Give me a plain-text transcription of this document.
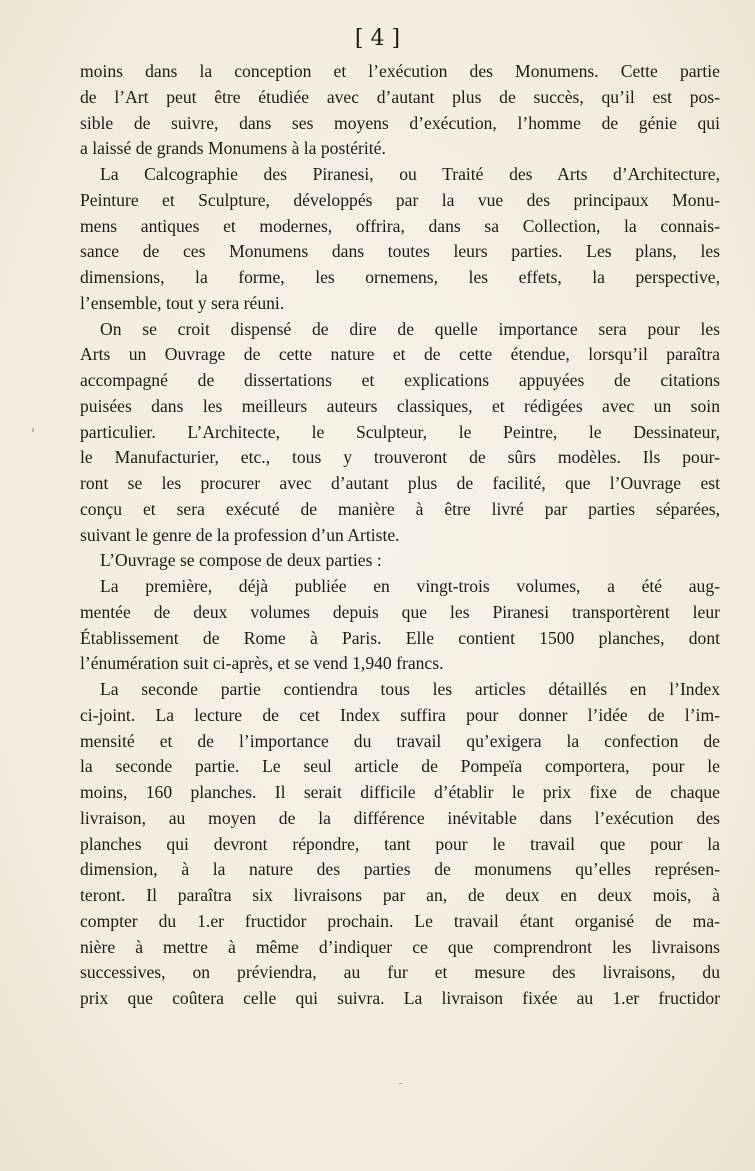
[ 4 ]
moins dans la conception et l’exécution des Monumens. Cette partie
de l’Art peut être étudiée avec d’autant plus de succès, qu’il est pos-
sible de suivre, dans ses moyens d’exécution, l’homme de génie qui
a laissé de grands Monumens à la postérité.
La Calcographie des Piranesi, ou Traité des Arts d’Architecture,
Peinture et Sculpture, développés par la vue des principaux Monu-
mens antiques et modernes, offrira, dans sa Collection, la connais-
sance de ces Monumens dans toutes leurs parties. Les plans, les
dimensions, la forme, les ornemens, les effets, la perspective,
l’ensemble, tout y sera réuni.
On se croit dispensé de dire de quelle importance sera pour les
Arts un Ouvrage de cette nature et de cette étendue, lorsqu’il paraîtra
accompagné de dissertations et explications appuyées de citations
puisées dans les meilleurs auteurs classiques, et rédigées avec un soin
particulier. L’Architecte, le Sculpteur, le Peintre, le Dessinateur,
le Manufacturier, etc., tous y trouveront de sûrs modèles. Ils pour-
ront se les procurer avec d’autant plus de facilité, que l’Ouvrage est
conçu et sera exécuté de manière à être livré par parties séparées,
suivant le genre de la profession d’un Artiste.
L’Ouvrage se compose de deux parties :
La première, déjà publiée en vingt-trois volumes, a été aug-
mentée de deux volumes depuis que les Piranesi transportèrent leur
Établissement de Rome à Paris. Elle contient 1500 planches, dont
l’énumération suit ci-après, et se vend 1,940 francs.
La seconde partie contiendra tous les articles détaillés en l’Index
ci-joint. La lecture de cet Index suffira pour donner l’idée de l’im-
mensité et de l’importance du travail qu’exigera la confection de
la seconde partie. Le seul article de Pompeïa comportera, pour le
moins, 160 planches. Il serait difficile d’établir le prix fixe de chaque
livraison, au moyen de la différence inévitable dans l’exécution des
planches qui devront répondre, tant pour le travail que pour la
dimension, à la nature des parties de monumens qu’elles représen-
teront. Il paraîtra six livraisons par an, de deux en deux mois, à
compter du 1.er fructidor prochain. Le travail étant organisé de ma-
nière à mettre à même d’indiquer ce que comprendront les livraisons
successives, on préviendra, au fur et mesure des livraisons, du
prix que coûtera celle qui suivra. La livraison fixée au 1.er fructidor
